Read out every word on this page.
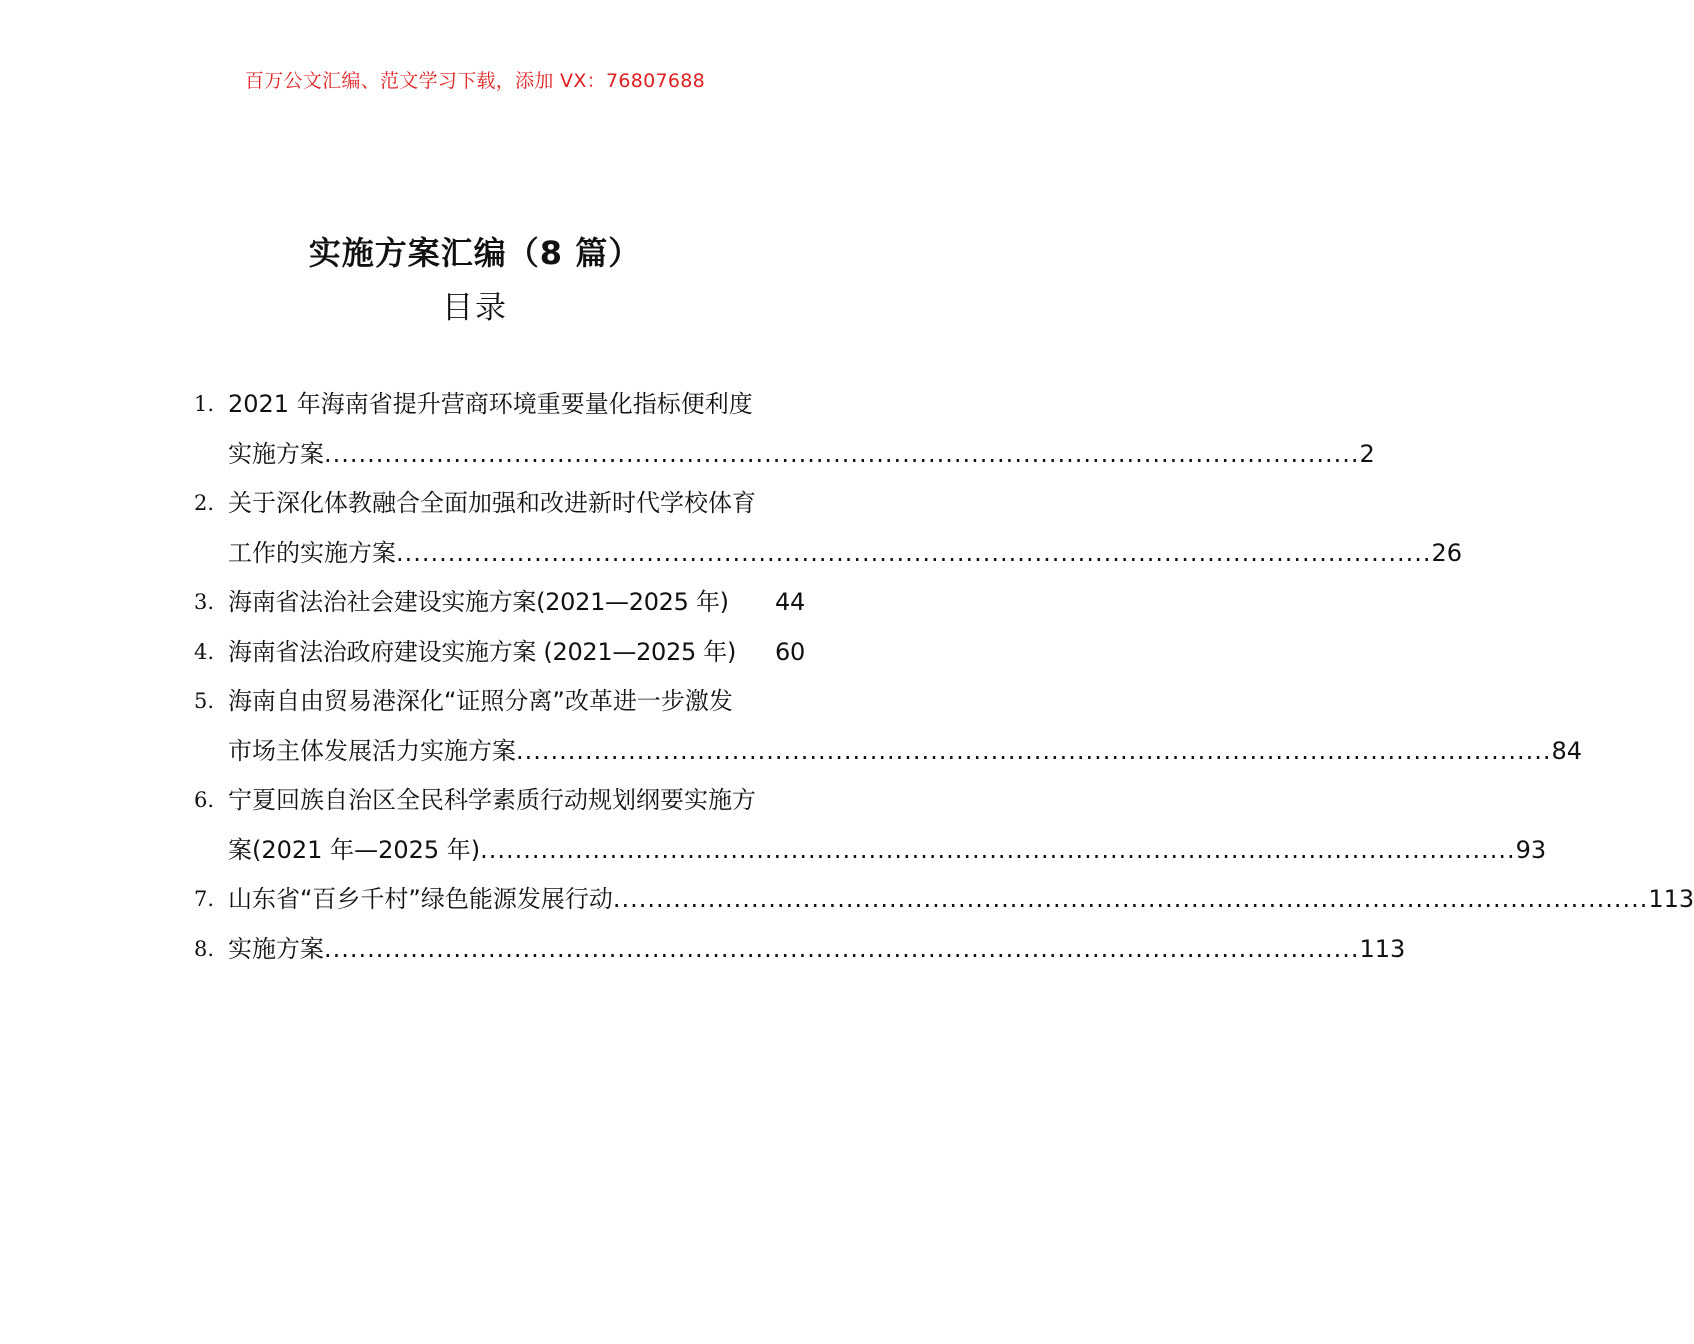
百万公文汇编、范文学习下载，添加 VX：76807688
实施方案汇编（8 篇）
目录
1. 2021 年海南省提升营商环境重要量化指标便利度
实施方案 ........................................................................................................................ 2
2. 关于深化体教融合全面加强和改进新时代学校体育
工作的实施方案 ........................................................................................................................ 26
3. 海南省法治社会建设实施方案(2021—2025 年) 44
4. 海南省法治政府建设实施方案 (2021—2025 年) 60
5. 海南自由贸易港深化“证照分离”改革进一步激发
市场主体发展活力实施方案 ........................................................................................................................ 84
6. 宁夏回族自治区全民科学素质行动规划纲要实施方
案(2021 年—2025 年) ........................................................................................................................ 93
7. 山东省“百乡千村”绿色能源发展行动 ........................................................................................................................ 113
8. 实施方案 ........................................................................................................................ 113
